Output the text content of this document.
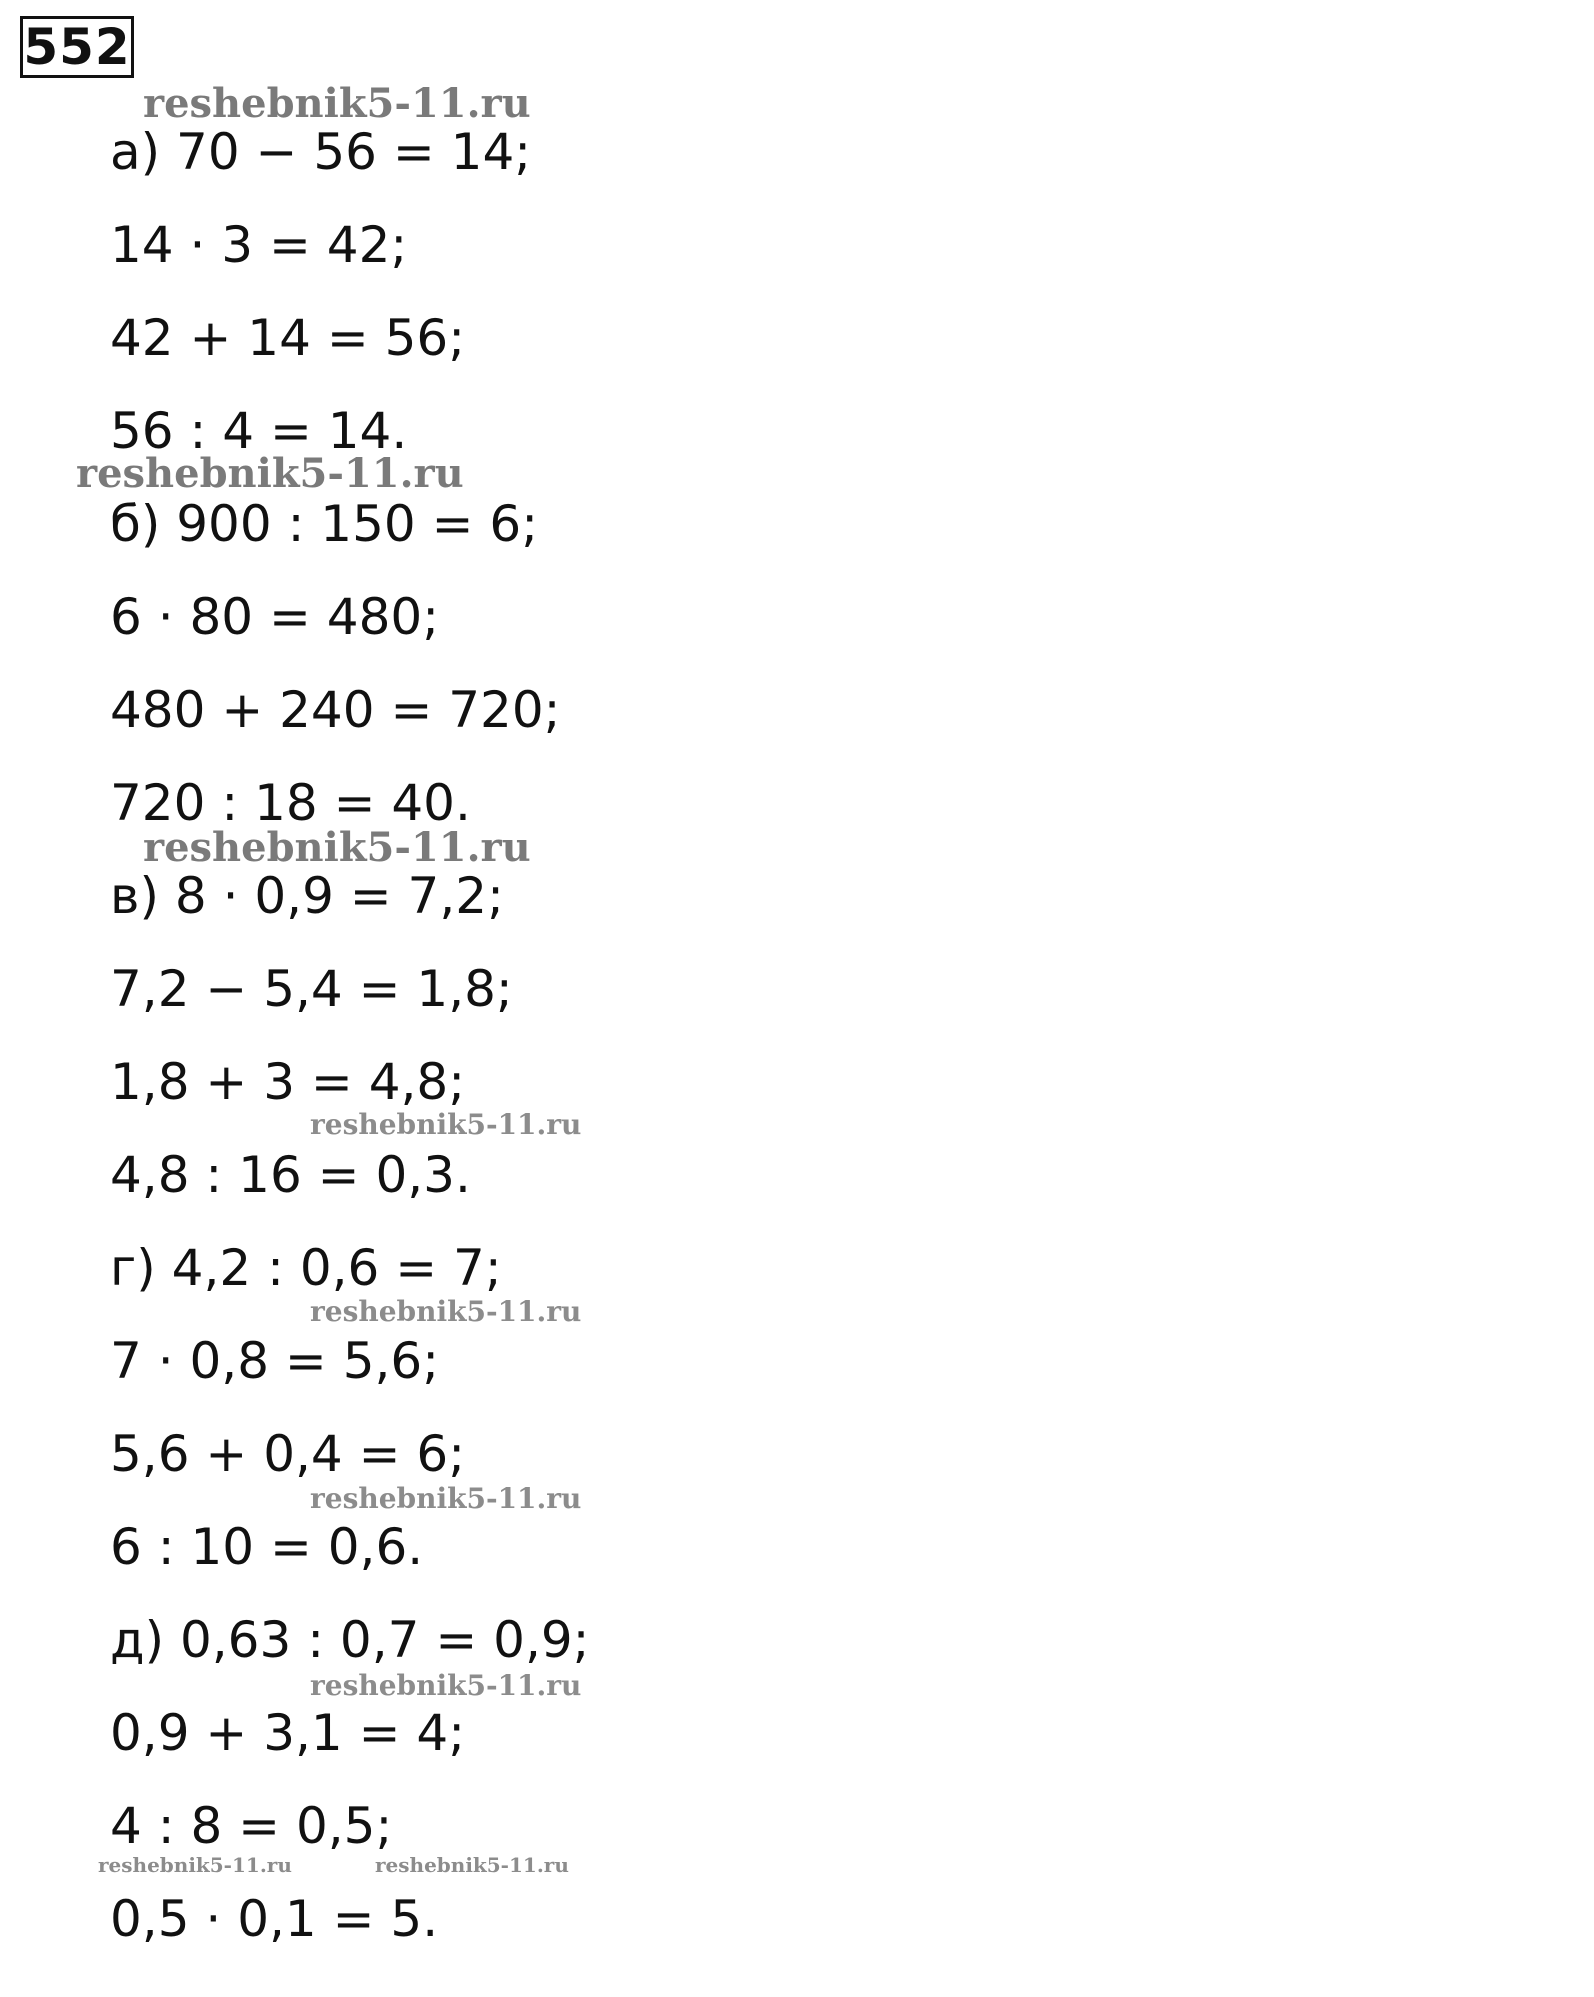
552
а) 70 − 56 = 14;
14 · 3 = 42;
42 + 14 = 56;
56 : 4 = 14.
б) 900 : 150 = 6;
6 · 80 = 480;
480 + 240 = 720;
720 : 18 = 40.
в) 8 · 0,9 = 7,2;
7,2 − 5,4 = 1,8;
1,8 + 3 = 4,8;
4,8 : 16 = 0,3.
г) 4,2 : 0,6 = 7;
7 · 0,8 = 5,6;
5,6 + 0,4 = 6;
6 : 10 = 0,6.
д) 0,63 : 0,7 = 0,9;
0,9 + 3,1 = 4;
4 : 8 = 0,5;
0,5 · 0,1 = 5.
reshebnik5-11.ru
reshebnik5-11.ru
reshebnik5-11.ru
reshebnik5-11.ru
reshebnik5-11.ru
reshebnik5-11.ru
reshebnik5-11.ru
reshebnik5-11.ru	reshebnik5-11.ru
